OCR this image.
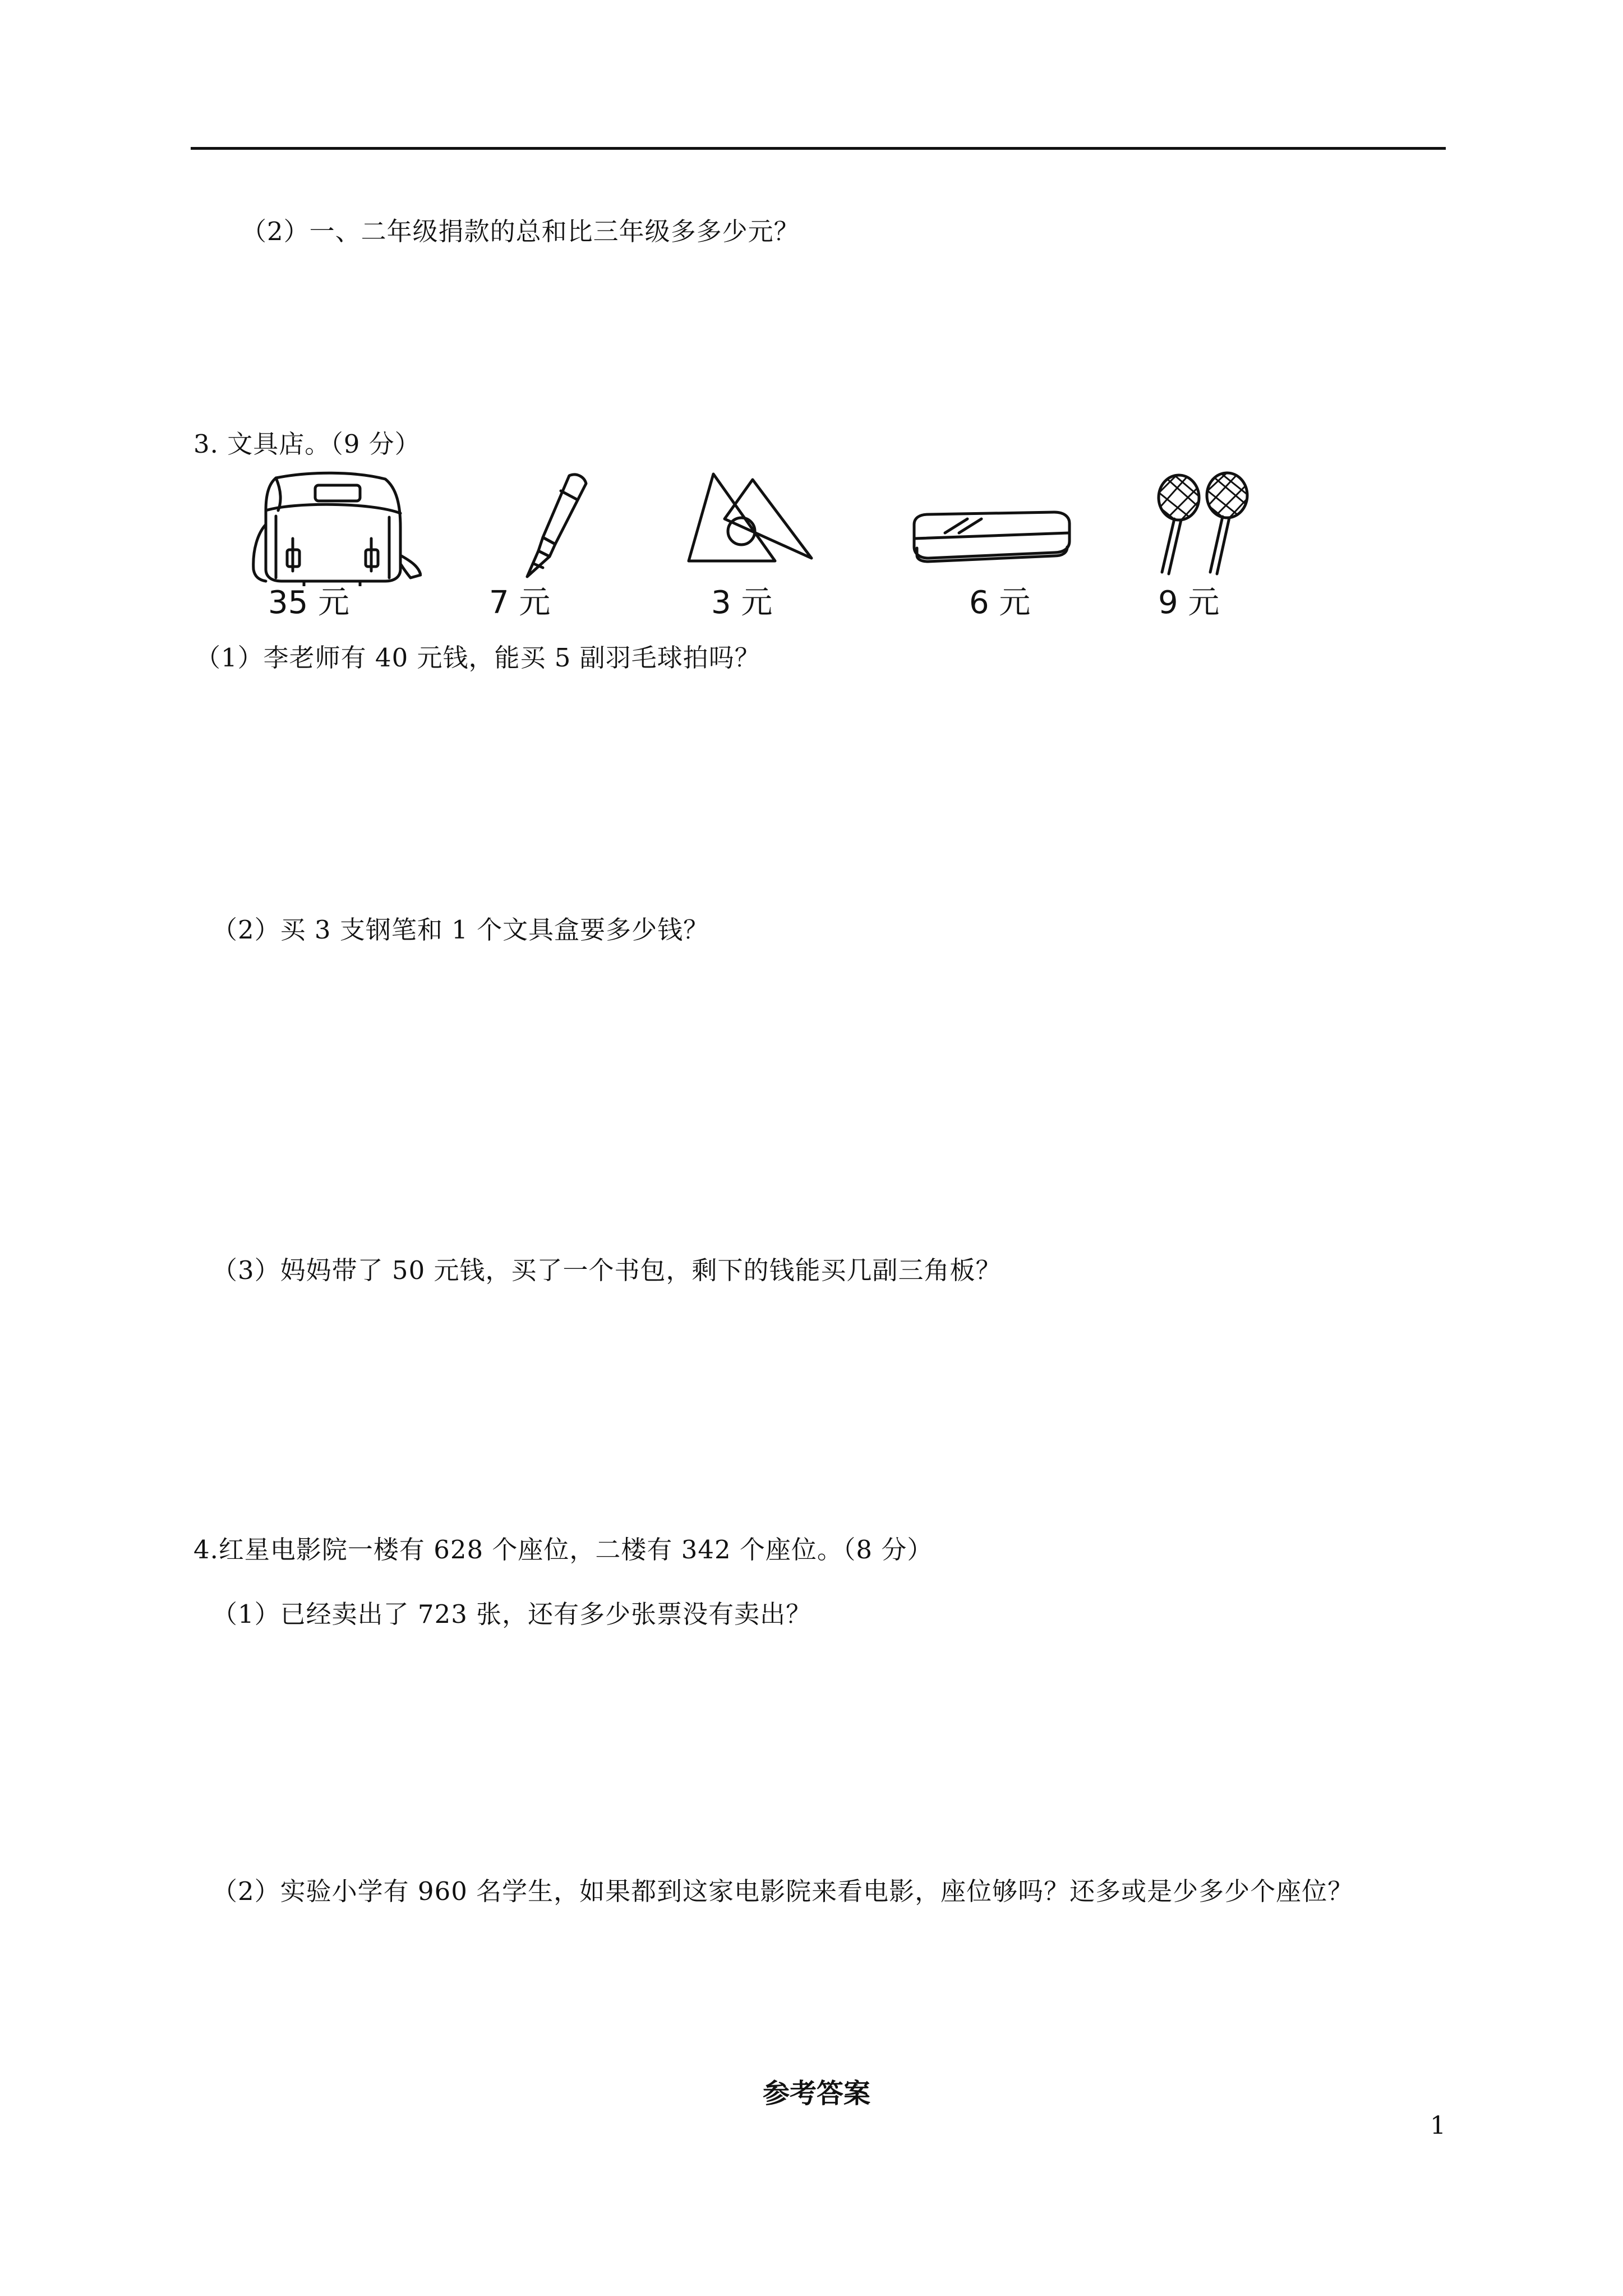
（2）一、二年级捐款的总和比三年级多多少元？
3. 文具店。（9 分）
35 元	7 元	3 元	6 元	9 元
（1）李老师有 40 元钱，能买 5 副羽毛球拍吗？
（2）买 3 支钢笔和 1 个文具盒要多少钱？
（3）妈妈带了 50 元钱，买了一个书包，剩下的钱能买几副三角板？
4.红星电影院一楼有 628 个座位，二楼有 342 个座位。（8 分）
（1）已经卖出了 723 张，还有多少张票没有卖出？
（2）实验小学有 960 名学生，如果都到这家电影院来看电影，座位够吗？还多或是少多少个座位？
参考答案
1
